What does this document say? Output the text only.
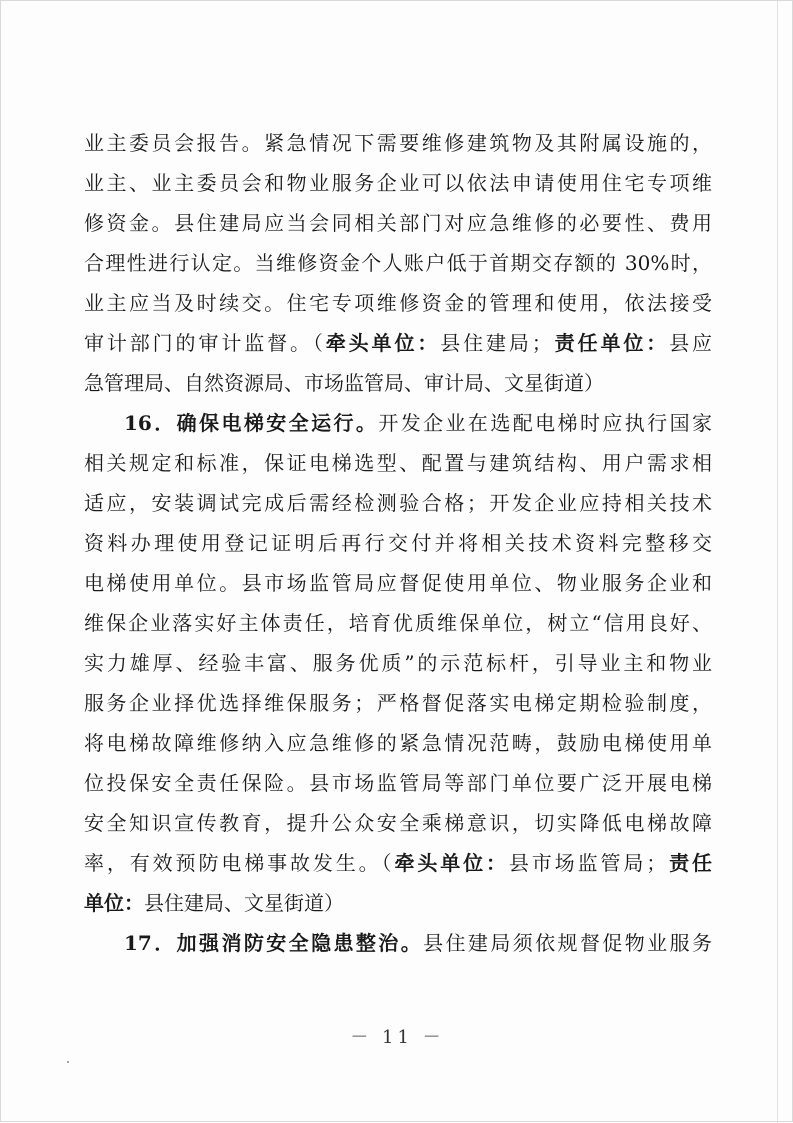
业主委员会报告。紧急情况下需要维修建筑物及其附属设施的，
业主、业主委员会和物业服务企业可以依法申请使用住宅专项维
修资金。县住建局应当会同相关部门对应急维修的必要性、费用
合理性进行认定。当维修资金个人账户低于首期交存额的 30%时，
业主应当及时续交。住宅专项维修资金的管理和使用，依法接受
审计部门的审计监督。（牵头单位：县住建局；责任单位：县应
急管理局、自然资源局、市场监管局、审计局、文星街道）
16．确保电梯安全运行。开发企业在选配电梯时应执行国家
相关规定和标准，保证电梯选型、配置与建筑结构、用户需求相
适应，安装调试完成后需经检测验合格；开发企业应持相关技术
资料办理使用登记证明后再行交付并将相关技术资料完整移交
电梯使用单位。县市场监管局应督促使用单位、物业服务企业和
维保企业落实好主体责任，培育优质维保单位，树立“信用良好、
实力雄厚、经验丰富、服务优质”的示范标杆，引导业主和物业
服务企业择优选择维保服务；严格督促落实电梯定期检验制度，
将电梯故障维修纳入应急维修的紧急情况范畴，鼓励电梯使用单
位投保安全责任保险。县市场监管局等部门单位要广泛开展电梯
安全知识宣传教育，提升公众安全乘梯意识，切实降低电梯故障
率，有效预防电梯事故发生。（牵头单位：县市场监管局；责任
单位：县住建局、文星街道）
17．加强消防安全隐患整治。县住建局须依规督促物业服务
－ 11 －
